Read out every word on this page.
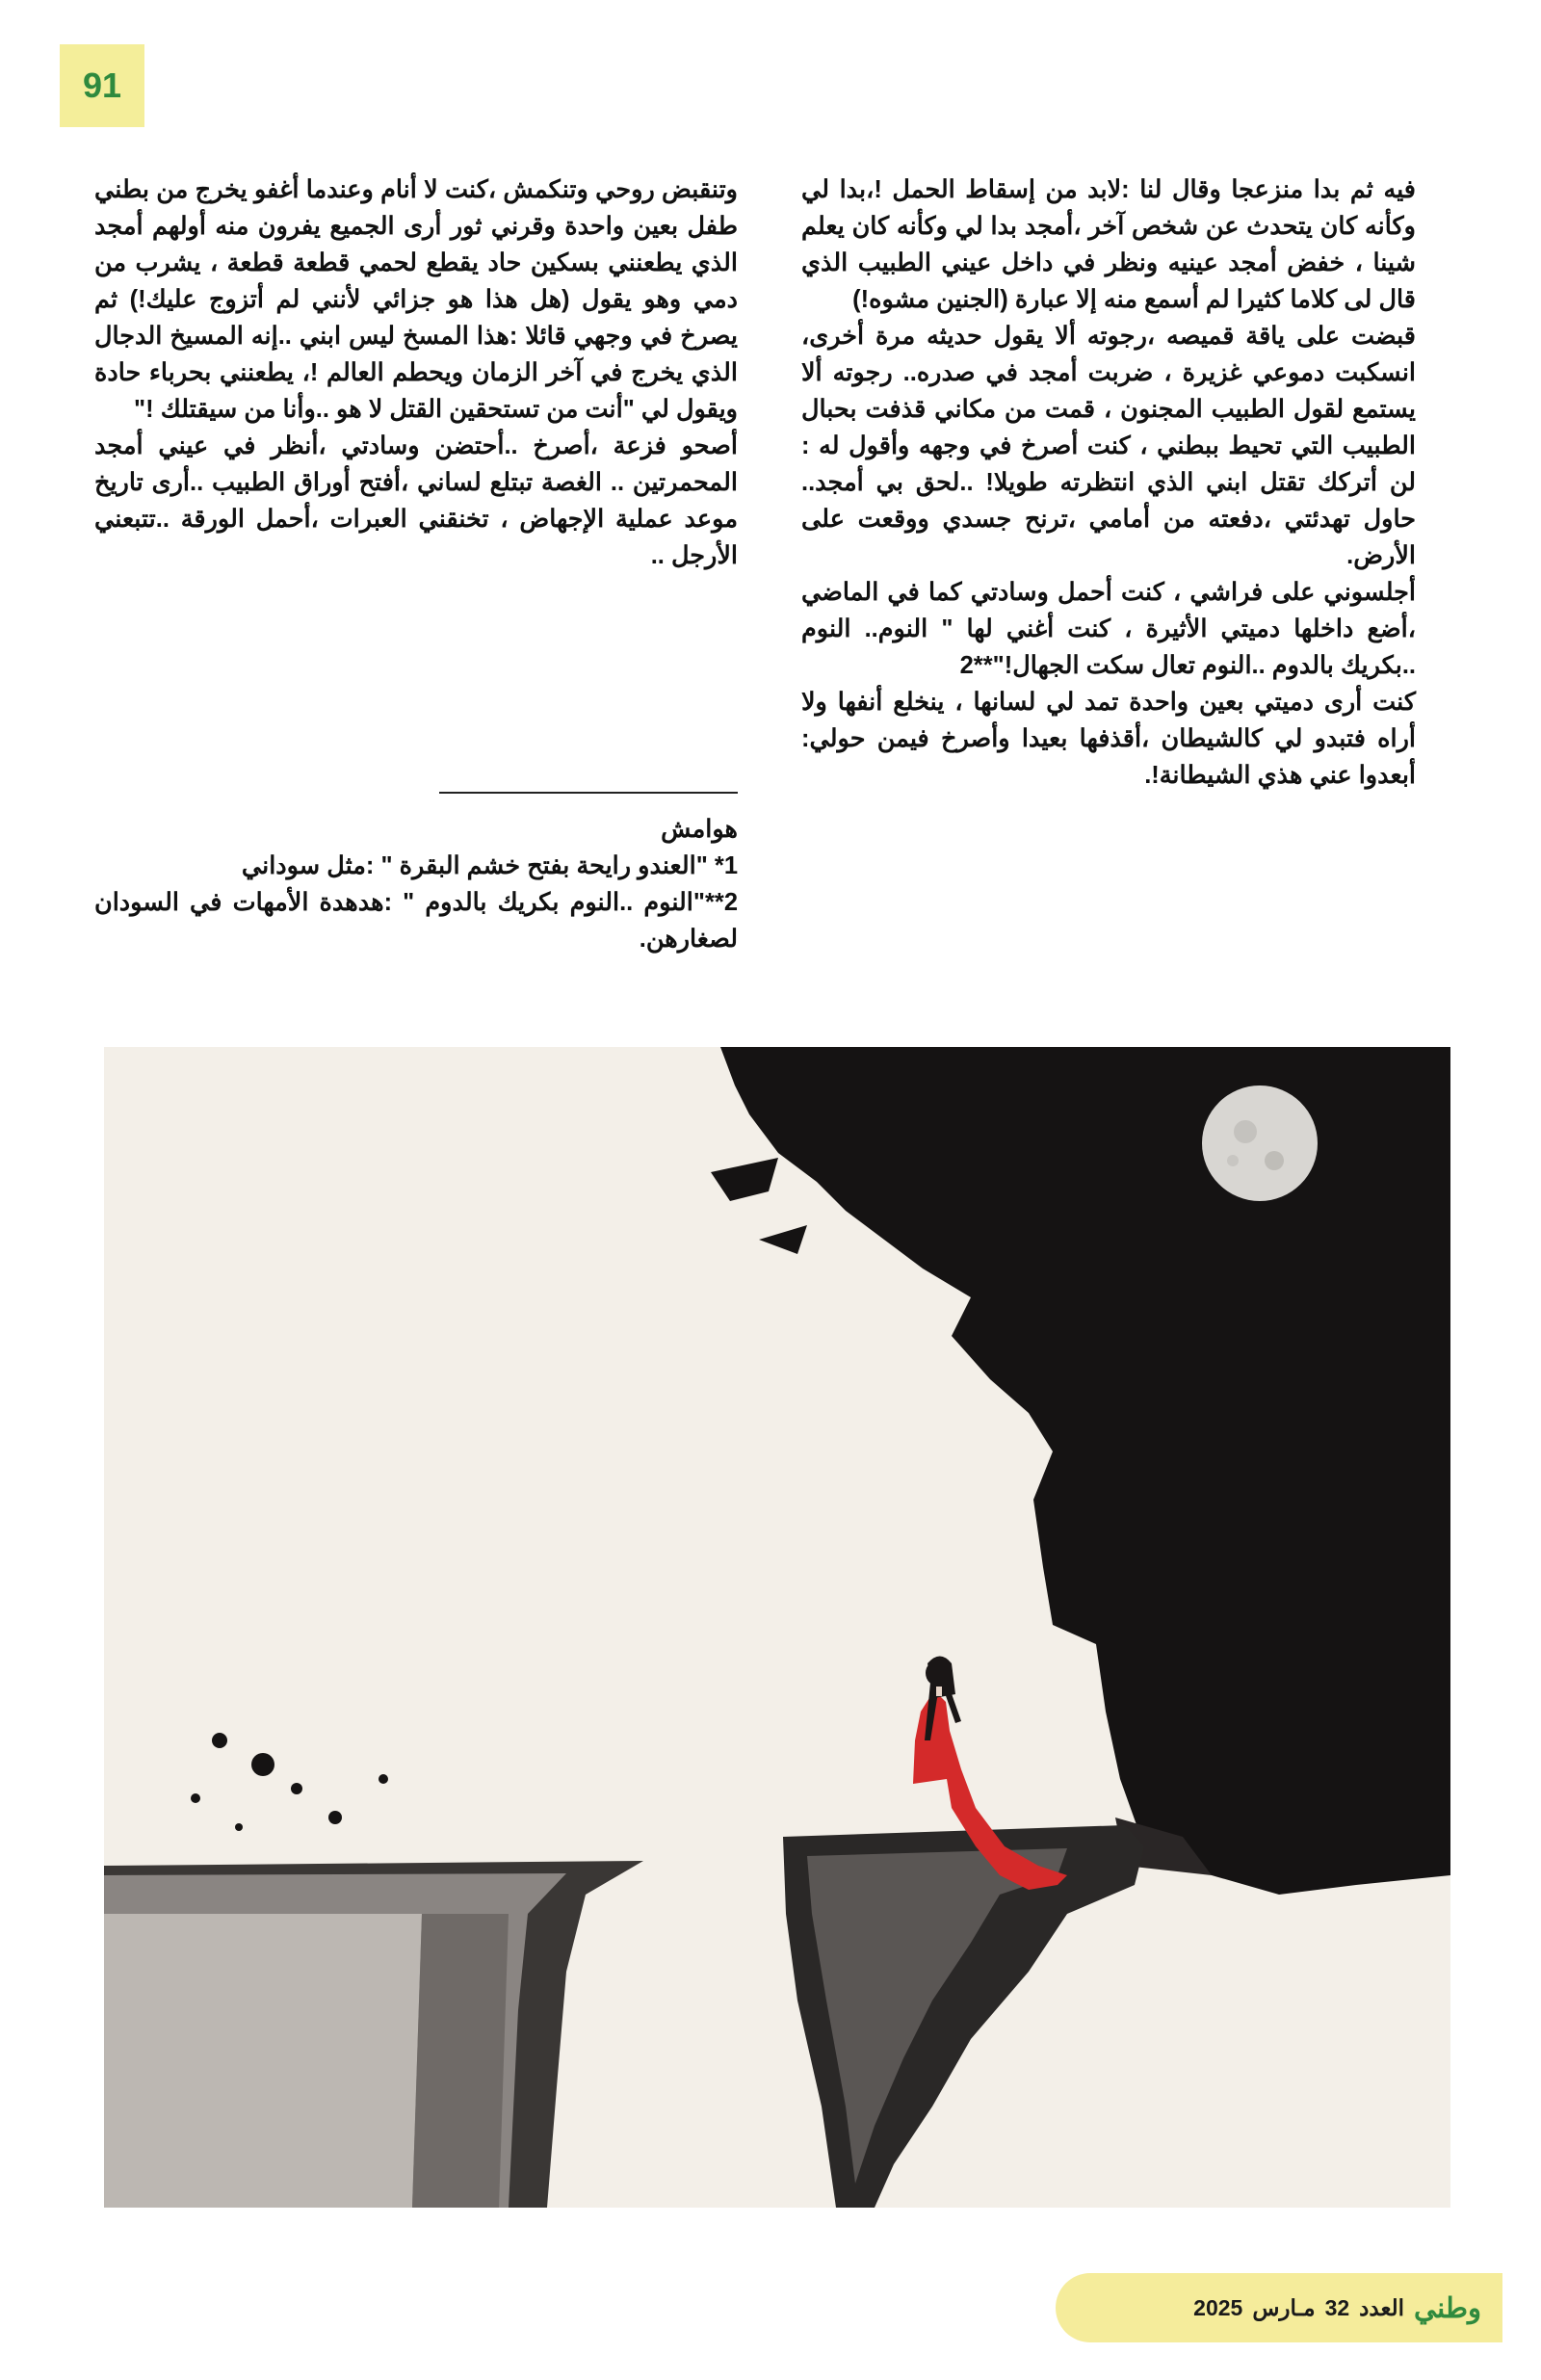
91

فيه ثم بدا منزعجا وقال لنا :لابد من إسقاط الحمل !،بدا لي وكأنه كان يتحدث عن شخص آخر ،أمجد بدا لي وكأنه كان يعلم شينا ، خفض أمجد عينيه ونظر في داخل عيني الطبيب الذي قال لى كلاما كثيرا لم أسمع منه إلا عبارة (الجنين مشوه!)

قبضت على ياقة قميصه ،رجوته ألا يقول حديثه مرة أخرى، انسكبت دموعي غزيرة ، ضربت أمجد في صدره.. رجوته ألا يستمع لقول الطبيب المجنون ، قمت من مكاني قذفت بحبال الطبيب التي تحيط ببطني ، كنت أصرخ في وجهه وأقول له : لن أتركك تقتل ابني الذي انتظرته طويلا! ..لحق بي أمجد.. حاول تهدئتي ،دفعته من أمامي ،ترنح جسدي ووقعت على الأرض.

أجلسوني على فراشي ، كنت أحمل وسادتي كما في الماضي ،أضع داخلها دميتي الأثيرة ، كنت أغني لها " النوم.. النوم ..بكريك بالدوم ..النوم تعال سكت الجهال!"**2

كنت أرى دميتي بعين واحدة تمد لي لسانها ، ينخلع أنفها ولا أراه فتبدو لي كالشيطان ،أقذفها بعيدا وأصرخ فيمن حولي: أبعدوا عني هذي الشيطانة!.

وتنقبض روحي وتنكمش ،كنت لا أنام وعندما أغفو يخرج من بطني طفل بعين واحدة وقرني ثور أرى الجميع يفرون منه أولهم أمجد الذي يطعنني بسكين حاد يقطع لحمي قطعة قطعة ، يشرب من دمي وهو يقول (هل هذا هو جزائي لأنني لم أتزوج عليك!) ثم يصرخ في وجهي قائلا :هذا المسخ ليس ابني ..إنه المسيخ الدجال الذي يخرج في آخر الزمان ويحطم العالم !، يطعنني بحرباء حادة ويقول لي "أنت من تستحقين القتل لا هو ..وأنا من سيقتلك !"

أصحو فزعة ،أصرخ ..أحتضن وسادتي ،أنظر في عيني أمجد المحمرتين .. الغصة تبتلع لساني ،أفتح أوراق الطبيب ..أرى تاريخ موعد عملية الإجهاض ، تخنقني العبرات ،أحمل الورقة ..تتبعني الأرجل ..

هوامش

1* "العندو رايحة بفتح خشم البقرة " :مثل سوداني

2**"النوم ..النوم بكريك بالدوم " :هدهدة الأمهات في السودان لصغارهن.

2025 مـارس 32 العدد وطني
